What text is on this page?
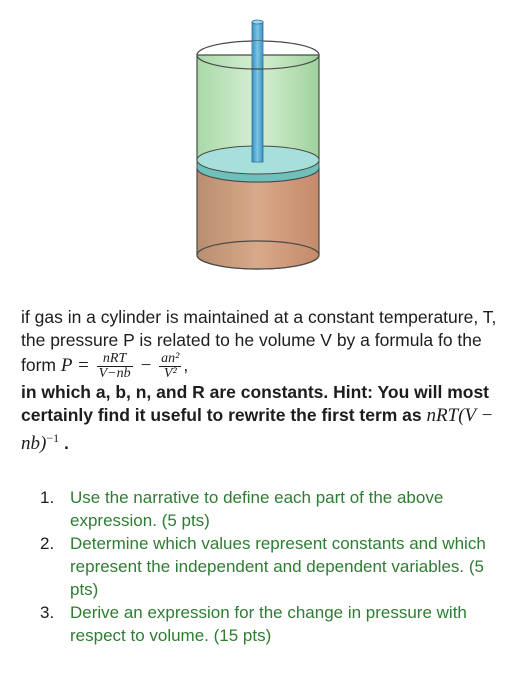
if gas in a cylinder is maintained at a constant temperature, T, the pressure P is related to he volume V by a formula fo the form $P = \frac{\text{nRT}}{V-nb} - \frac{\text{an²}}{\text{V²}}$ ,
in which a, b, n, and R are constants. Hint: You will most certainly find it useful to rewrite the first term as nRT(V − nb)$^{-1}$ .
1. Use the narrative to define each part of the above expression. (5 pts)
2. Determine which values represent constants and which represent the independent and dependent variables. (5 pts)
3. Derive an expression for the change in pressure with respect to volume. (15 pts)
